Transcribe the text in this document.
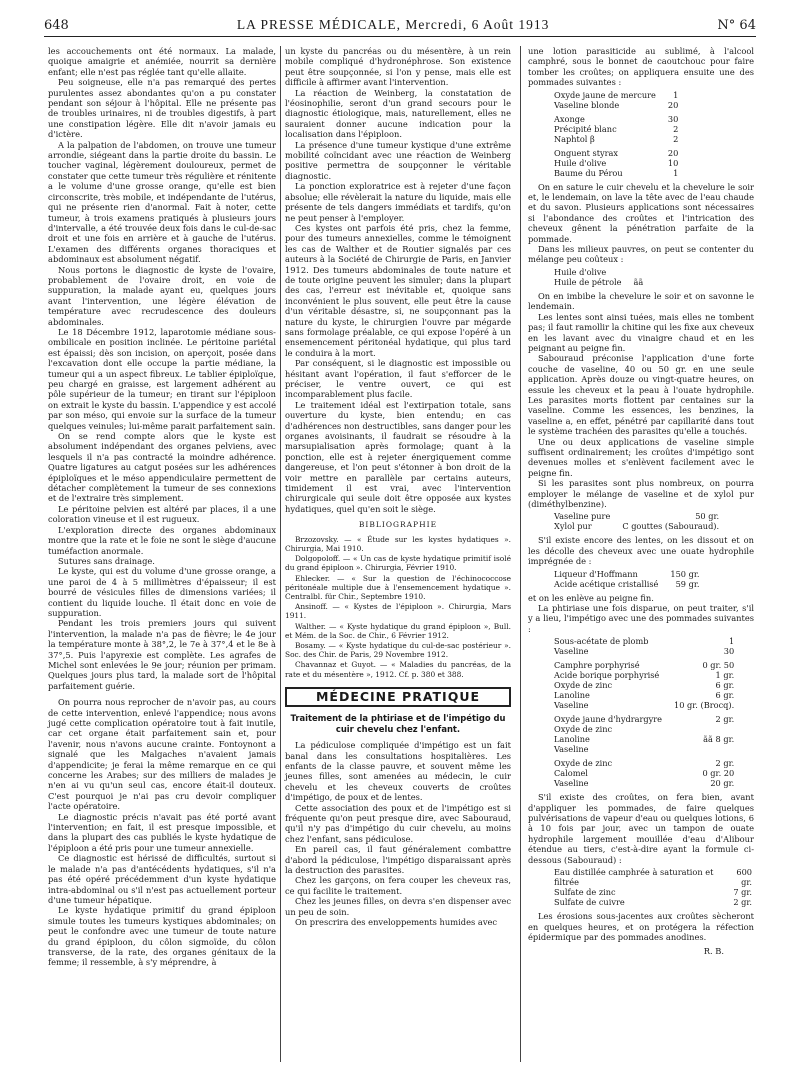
648	LA PRESSE MÉDICALE, Mercredi, 6 Août 1913	N° 64

les accouchements ont été normaux. La malade, quoique amaigrie et anémiée, nourrit sa dernière enfant; elle n'est pas réglée tant qu'elle allaite.

Peu soigneuse, elle n'a pas remarqué des pertes purulentes assez abondantes qu'on a pu constater pendant son séjour à l'hôpital. Elle ne présente pas de troubles urinaires, ni de troubles digestifs, à part une constipation légère. Elle dit n'avoir jamais eu d'ictère.

A la palpation de l'abdomen, on trouve une tumeur arrondie, siégeant dans la partie droite du bassin. Le toucher vaginal, légèrement douloureux, permet de constater que cette tumeur très régulière et rénitente a le volume d'une grosse orange, qu'elle est bien circonscrite, très mobile, et indépendante de l'utérus, qui ne présente rien d'anormal. Fait à noter, cette tumeur, à trois examens pratiqués à plusieurs jours d'intervalle, a été trouvée deux fois dans le cul-de-sac droit et une fois en arrière et à gauche de l'utérus. L'examen des différents organes thoraciques et abdominaux est absolument négatif.

Nous portons le diagnostic de kyste de l'ovaire, probablement de l'ovaire droit, en voie de suppuration, la malade ayant eu, quelques jours avant l'intervention, une légère élévation de température avec recrudescence des douleurs abdominales.

Le 18 Décembre 1912, laparotomie médiane sous-ombilicale en position inclinée. Le péritoine pariétal est épaissi; dès son incision, on aperçoit, posée dans l'excavation dont elle occupe la partie médiane, la tumeur qui a un aspect fibreux. Le tablier épiploïque, peu chargé en graisse, est largement adhérent au pôle supérieur de la tumeur; en tirant sur l'épiploon on extrait le kyste du bassin. L'appendice y est accolé par son méso, qui envoie sur la surface de la tumeur quelques veinules; lui-même parait parfaitement sain.

On se rend compte alors que le kyste est absolument indépendant des organes pelviens, avec lesquels il n'a pas contracté la moindre adhérence. Quatre ligatures au catgut posées sur les adhérences épiploïques et le méso appendiculaire permettent de détacher complètement la tumeur de ses connexions et de l'extraire très simplement.

Le péritoine pelvien est altéré par places, il a une coloration vineuse et il est rugueux.

L'exploration directe des organes abdominaux montre que la rate et le foie ne sont le siège d'aucune tuméfaction anormale.

Sutures sans drainage.

Le kyste, qui est du volume d'une grosse orange, a une paroi de 4 à 5 millimètres d'épaisseur; il est bourré de vésicules filles de dimensions variées; il contient du liquide louche. Il était donc en voie de suppuration.

Pendant les trois premiers jours qui suivent l'intervention, la malade n'a pas de fièvre; le 4e jour la température monte à 38°,2, le 7e à 37°,4 et le 8e à 37°,5. Puis l'apyrexie est complète. Les agrafes de Michel sont enlevées le 9e jour; réunion per primam. Quelques jours plus tard, la malade sort de l'hôpital parfaitement guérie.

On pourra nous reprocher de n'avoir pas, au cours de cette intervention, enlevé l'appendice; nous avons jugé cette complication opératoire tout à fait inutile, car cet organe était parfaitement sain et, pour l'avenir, nous n'avons aucune crainte. Fontoynont a signalé que les Malgaches n'avaient jamais d'appendicite; je ferai la même remarque en ce qui concerne les Arabes; sur des milliers de malades je n'en ai vu qu'un seul cas, encore était-il douteux. C'est pourquoi je n'ai pas cru devoir compliquer l'acte opératoire.

Le diagnostic précis n'avait pas été porté avant l'intervention; en fait, il est presque impossible, et dans la plupart des cas publiés le kyste hydatique de l'épiploon a été pris pour une tumeur annexielle.

Ce diagnostic est hérissé de difficultés, surtout si le malade n'a pas d'antécédents hydatiques, s'il n'a pas été opéré précédemment d'un kyste hydatique intra-abdominal ou s'il n'est pas actuellement porteur d'une tumeur hépatique.

Le kyste hydatique primitif du grand épiploon simule toutes les tumeurs kystiques abdominales; on peut le confondre avec une tumeur de toute nature du grand épiploon, du côlon sigmoïde, du côlon transverse, de la rate, des organes génitaux de la femme; il ressemble, à s'y méprendre, à

un kyste du pancréas ou du mésentère, à un rein mobile compliqué d'hydronéphrose. Son existence peut être soupçonnée, si l'on y pense, mais elle est difficile à affirmer avant l'intervention.

La réaction de Weinberg, la constatation de l'éosinophilie, seront d'un grand secours pour le diagnostic étiologique, mais, naturellement, elles ne sauraient donner aucune indication pour la localisation dans l'épiploon.

La présence d'une tumeur kystique d'une extrême mobilité coïncidant avec une réaction de Weinberg positive permettra de soupçonner le véritable diagnostic.

La ponction exploratrice est à rejeter d'une façon absolue; elle révèlerait la nature du liquide, mais elle présente de tels dangers immédiats et tardifs, qu'on ne peut penser à l'employer.

Ces kystes ont parfois été pris, chez la femme, pour des tumeurs annexielles, comme le témoignent les cas de Walther et de Routier signalés par ces auteurs à la Société de Chirurgie de Paris, en Janvier 1912. Des tumeurs abdominales de toute nature et de toute origine peuvent les simuler; dans la plupart des cas, l'erreur est inévitable et, quoique sans inconvénient le plus souvent, elle peut être la cause d'un véritable désastre, si, ne soupçonnant pas la nature du kyste, le chirurgien l'ouvre par mégarde sans formolage préalable, ce qui expose l'opéré à un ensemencement péritonéal hydatique, qui plus tard le conduira à la mort.

Par conséquent, si le diagnostic est impossible ou hésitant avant l'opération, il faut s'efforcer de le préciser, le ventre ouvert, ce qui est incomparablement plus facile.

Le traitement idéal est l'extirpation totale, sans ouverture du kyste, bien entendu; en cas d'adhérences non destructibles, sans danger pour les organes avoisinants, il faudrait se résoudre à la marsupialisation après formolage; quant à la ponction, elle est à rejeter énergiquement comme dangereuse, et l'on peut s'étonner à bon droit de la voir mettre en parallèle par certains auteurs, timidement il est vrai, avec l'intervention chirurgicale qui seule doit être opposée aux kystes hydatiques, quel qu'en soit le siège.

BIBLIOGRAPHIE

Brzozovsky. — « Étude sur les kystes hydatiques ». Chirurgia, Mai 1910.

Dolgopoloff. — « Un cas de kyste hydatique primitif isolé du grand épiploon ». Chirurgia, Février 1910.

Ehlecker. — « Sur la question de l'échinococcose péritonéale multiple due à l'ensemencement hydatique ». Centralbl. für Chir., Septembre 1910.

Ansinoff. — « Kystes de l'épiploon ». Chirurgia, Mars 1911.

Walther. — « Kyste hydatique du grand épiploon », Bull. et Mém. de la Soc. de Chir., 6 Février 1912.

Bosamy. — « Kyste hydatique du cul-de-sac postérieur ». Soc. des Chir. de Paris, 29 Novembre 1912.

Chavannaz et Guyot. — « Maladies du pancréas, de la rate et du mésentère », 1912. Cf. p. 380 et 388.

MÉDECINE PRATIQUE
Traitement de la phtiriase et de l'impétigo du cuir chevelu chez l'enfant.

La pédiculose compliquée d'impétigo est un fait banal dans les consultations hospitalières. Les enfants de la classe pauvre, et souvent même les jeunes filles, sont amenées au médecin, le cuir chevelu et les cheveux couverts de croûtes d'impétigo, de poux et de lentes.

Cette association des poux et de l'impétigo est si fréquente qu'on peut presque dire, avec Sabouraud, qu'il n'y pas d'impétigo du cuir chevelu, au moins chez l'enfant, sans pédiculose.

En pareil cas, il faut généralement combattre d'abord la pédiculose, l'impétigo disparaissant après la destruction des parasites.

Chez les garçons, on fera couper les cheveux ras, ce qui facilite le traitement.

Chez les jeunes filles, on devra s'en dispenser avec un peu de soin.

On prescrira des enveloppements humides avec

une lotion parasiticide au sublimé, à l'alcool camphré, sous le bonnet de caoutchouc pour faire tomber les croûtes; on appliquera ensuite une des pommades suivantes :

Oxyde jaune de mercure	1
Vaseline blonde	20

Axonge	30
Précipité blanc	2
Naphtol β	2

Onguent styrax	20
Huile d'olive	10
Baume du Pérou	1

On en sature le cuir chevelu et la chevelure le soir et, le lendemain, on lave la tête avec de l'eau chaude et du savon. Plusieurs applications sont nécessaires si l'abondance des croûtes et l'intrication des cheveux gênent la pénétration parfaite de la pommade.

Dans les milieux pauvres, on peut se contenter du mélange peu coûteux :

Huile d'olive	
Huile de pétrole	ãã

On en imbibe la chevelure le soir et on savonne le lendemain.

Les lentes sont ainsi tuées, mais elles ne tombent pas; il faut ramollir la chitine qui les fixe aux cheveux en les lavant avec du vinaigre chaud et en les peignant au peigne fin.

Sabouraud préconise l'application d'une forte couche de vaseline, 40 ou 50 gr. en une seule application. Après douze ou vingt-quatre heures, on essuie les cheveux et la peau à l'ouate hydrophile. Les parasites morts flottent par centaines sur la vaseline. Comme les essences, les benzines, la vaseline a, en effet, pénétré par capillarité dans tout le système trachéen des parasites qu'elle a touchés.

Une ou deux applications de vaseline simple suffisent ordinairement; les croûtes d'impétigo sont devenues molles et s'enlèvent facilement avec le peigne fin.

Si les parasites sont plus nombreux, on pourra employer le mélange de vaseline et de xylol pur (diméthylbenzine).

Vaseline pure	50 gr.
Xylol pur	C gouttes (Sabouraud).

S'il existe encore des lentes, on les dissout et on les décolle des cheveux avec une ouate hydrophile imprégnée de :

Liqueur d'Hoffmann	150 gr.
Acide acétique cristallisé	59 gr.

et on les enlève au peigne fin.

La phtiriase une fois disparue, on peut traiter, s'il y a lieu, l'impétigo avec une des pommades suivantes :

Sous-acétate de plomb	1
Vaseline	30

Camphre porphyrisé	0 gr. 50
Acide borique porphyrisé	1 gr.
Oxyde de zinc	6 gr.
Lanoline	6 gr.
Vaseline	10 gr. (Brocq).

Oxyde jaune d'hydrargyre	2 gr.
Oxyde de zinc	
Lanoline	ãã 8 gr.
Vaseline	

Oxyde de zinc	2 gr.
Calomel	0 gr. 20
Vaseline	20 gr.

S'il existe des croûtes, on fera bien, avant d'appliquer les pommades, de faire quelques pulvérisations de vapeur d'eau ou quelques lotions, 6 à 10 fois par jour, avec un tampon de ouate hydrophile largement mouillée d'eau d'Alibour étendue au tiers, c'est-à-dire ayant la formule ci-dessous (Sabouraud) :

Eau distillée camphrée à saturation et filtrée	600 gr.
Sulfate de zinc	7 gr.
Sulfate de cuivre	2 gr.

Les érosions sous-jacentes aux croûtes sècheront en quelques heures, et on protégera la réfection épidermique par des pommades anodines.

R. B.
